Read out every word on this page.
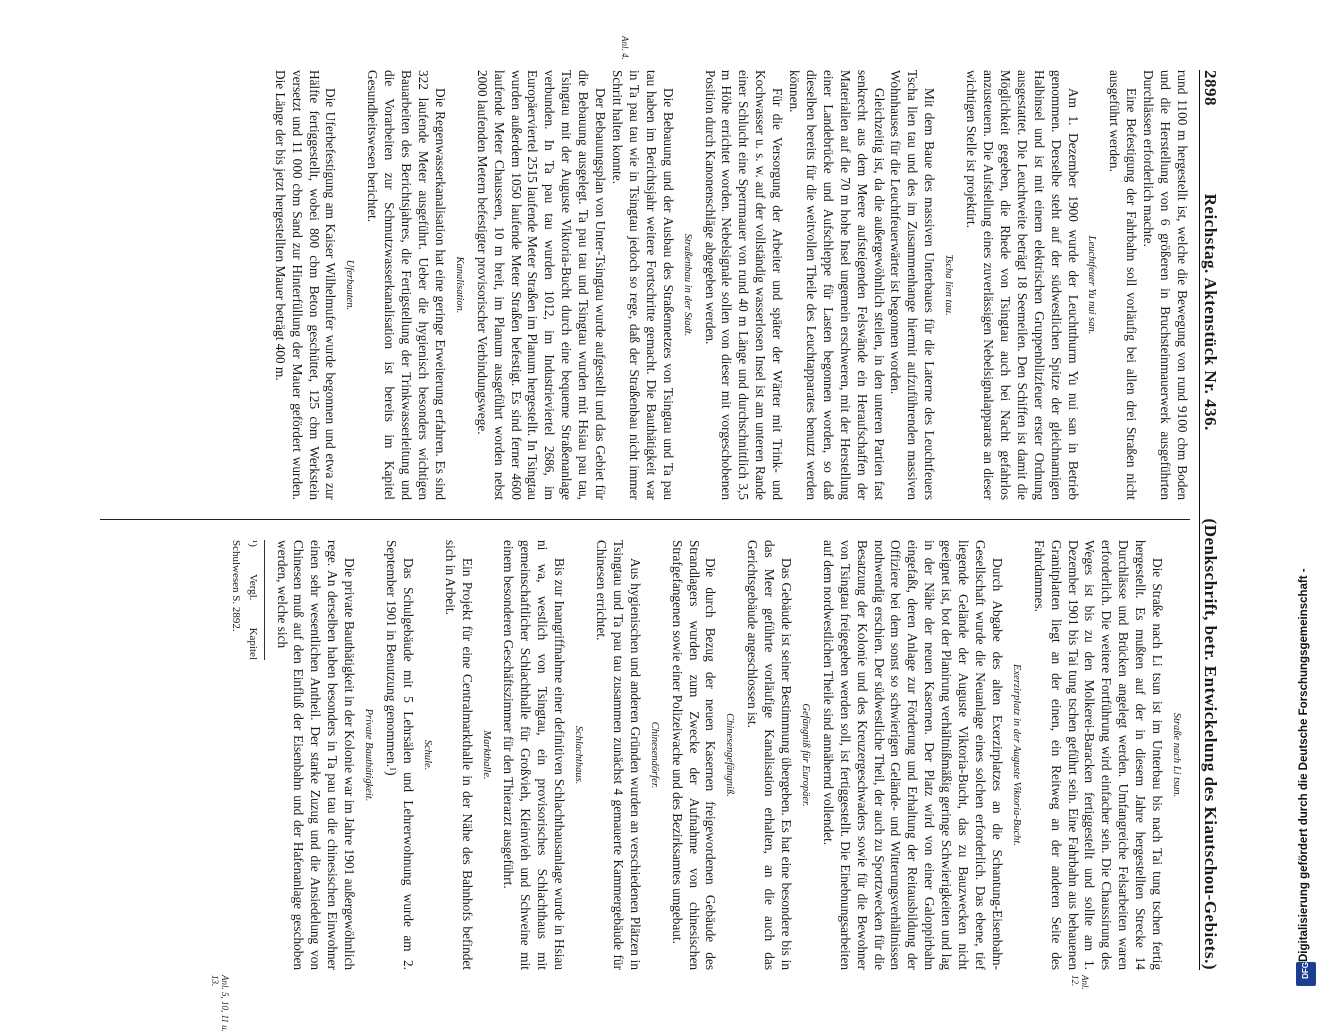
2898
Reichstag. Aktenstück Nr. 436.
(Denkschrift, betr. Entwickelung des Kiautschou-Gebiets.)

rund 1100 m hergestellt ist, welche die Bewegung von rund 9100 cbm Boden und die Herstellung von 6 größeren in Bruchsteinmauerwerk ausgeführten Durchlässen erforderlich machte.

Eine Befestigung der Fahrbahn soll vorläufig bei allen drei Straßen nicht ausgeführt werden.

Leuchtfeuer Yu nui san.

Am 1. Dezember 1900 wurde der Leuchtthurm Yu nui san in Betrieb genommen. Derselbe steht auf der südwestlichen Spitze der gleichnamigen Halbinsel und ist mit einem elektrischen Gruppenblitzfeuer erster Ordnung ausgestattet. Die Leuchtweite beträgt 18 Seemeilen. Den Schiffen ist damit die Möglichkeit gegeben, die Rhede von Tsingtau auch bei Nacht gefahrlos anzusteuern. Die Aufstellung eines zuverlässigen Nebelsignalapparats an dieser wichtigen Stelle ist projektirt.

Tscha lien tau.

Mit dem Baue des massiven Unterbaues für die Laterne des Leuchtfeuers Tscha lien tau und des im Zusammenhange hiermit aufzuführenden massiven Wohnhauses für die Leuchtfeuerwärter ist begonnen worden.

Gleichzeitig ist, da die außergewöhnlich steilen, in den unteren Partien fast senkrecht aus dem Meere aufsteigenden Felswände ein Heraufschaffen der Materialien auf die 70 m hohe Insel ungemein erschweren, mit der Herstellung einer Landebrücke und Aufschleppe für Lasten begonnen worden, so daß dieselben bereits für die weitvollen Theile des Leuchtapparates benutzt werden können.

Für die Versorgung der Arbeiter und später der Wärter mit Trink- und Kochwasser u. s. w. auf der vollständig wasserlosen Insel ist am unteren Rande einer Schlucht eine Sperrmauer von rund 40 m Länge und durchschnittlich 3,5 m Höhe errichtet worden. Nebelsignale sollen von dieser mit vorgeschobenen Position durch Kanonenschläge abgegeben werden.

Straßenbau in der Stadt.

Die Bebauung und der Ausbau des Straßennetzes von Tsingtau und Ta pau tau haben im Berichtsjahr weitere Fortschritte gemacht. Die Bauthätigkeit war in Ta pau tau wie in Tsingtau jedoch so rege, daß der Straßenbau nicht immer Schritt halten konnte.

Der Bebauungsplan von Unter-Tsingtau wurde aufgestellt und das Gebiet für die Bebauung ausgelegt. Ta pau tau und Tsingtau wurden mit Hsiau pau tau, Tsingtau mit der Auguste Viktoria-Bucht durch eine bequeme Straßenanlage verbunden. In Ta pau tau wurden 1012, im Industrieviertel 2686, im Europäerviertel 2515 laufende Meter Straßen im Planum hergestellt. In Tsingtau wurden außerdem 1050 laufende Meter Straßen befestigt. Es sind ferner 4600 laufende Meter Chausseen, 10 m breit, im Planum ausgeführt worden nebst 2000 laufenden Metern befestigter provisorischer Verbindungswege.

Kanalisation.

Die Regenwasserkanalisation hat eine geringe Erweiterung erfahren. Es sind 322 laufende Meter ausgeführt. Ueber die hygienisch besonders wichtigen Bauarbeiten des Berichtsjahres, die Fertigstellung der Trinkwasserleitung und die Vorarbeiten zur Schmutzwasserkanalisation ist bereits im Kapitel Gesundheitswesen berichtet.

Uferbauten.

Die Uferbefestigung am Kaiser Wilhelmufer wurde begonnen und etwa zur Hälfte fertiggestellt, wobei 800 cbm Beton geschüttet, 125 cbm Werkstein versetzt und 11 000 cbm Sand zur Hinterfüllung der Mauer gefördert wurden. Die Länge der bis jetzt hergestellten Mauer beträgt 400 m.

Straße nach Li tsun.

Die Straße nach Li tsun ist im Unterbau bis nach Tai tung tschen fertig hergestellt. Es mußten auf der in diesem Jahre hergestellten Strecke 14 Durchlässe und Brücken angelegt werden. Umfangreiche Felsarbeiten waren erforderlich. Die weitere Fortführung wird einfacher sein. Die Chaussirung des Weges ist bis zu den Molkerei-Baracken fertiggestellt und sollte am 1. Dezember 1901 bis Tai tung tschen geführt sein. Eine Fahrbahn aus behauenen Granitplatten liegt an der einen, ein Reitweg an der anderen Seite des Fahrdammes.

Exerzirplatz in der Auguste Viktoria-Bucht.

Durch Abgabe des alten Exerzirplatzes an die Schantung-Eisenbahn-Gesellschaft wurde die Neuanlage eines solchen erforderlich. Das ebene, tief liegende Gelände der Auguste Viktoria-Bucht, das zu Bauzwecken nicht geeignet ist, bot der Planirung verhältnißmäßig geringe Schwierigkeiten und lag in der Nähe der neuen Kasernen. Der Platz wird von einer Galoppirbahn eingefaßt, deren Anlage zur Förderung und Erhaltung der Reitausbildung der Offiziere bei dem sonst so schwierigen Gelände- und Witterungsverhältnissen nothwendig erschien. Der südwestliche Theil, der auch zu Sportzwecken für die Besatzung der Kolonie und des Kreuzergeschwaders sowie für die Bewohner von Tsingtau freigegeben werden soll, ist fertiggestellt. Die Einebnungsarbeiten auf dem nordwestlichen Theile sind annähernd vollendet.

Gefängniß für Europäer.

Das Gebäude ist seiner Bestimmung übergeben. Es hat eine besondere bis in das Meer geführte vorläufige Kanalisation erhalten, an die auch das Gerichtsgebäude angeschlossen ist.

Chinesengefängniß.

Die durch Bezug der neuen Kasernen freigewordenen Gebäude des Strandlagers wurden zum Zwecke der Aufnahme von chinesischen Strafgefangenen sowie einer Polizeiwache und des Bezirksamtes umgebaut.

Chinesendörfer.

Aus hygienischen und anderen Gründen wurden an verschiedenen Plätzen in Tsingtau und Ta pau tau zusammen zunächst 4 gemauerte Kammergebäude für Chinesen errichtet.

Schlachthaus.

Bis zur Inangriffnahme einer definitiven Schlachthausanlage wurde in Hsiau ni wa, westlich von Tsingtau, ein provisorisches Schlachthaus mit gemeinschaftlicher Schlachthalle für Großvieh, Kleinvieh und Schweine mit einem besonderen Geschäftszimmer für den Thierarzt ausgeführt.

Markthalle.

Ein Projekt für eine Centralmarkthalle in der Nähe des Bahnhofs befindet sich in Arbeit.

Schule.

Das Schulgebäude mit 5 Lehrsälen und Lehrerwohnung wurde am 2. September 1901 in Benutzung genommen.¹)

Private Bauthätigkeit.

Die private Bauthätigkeit in der Kolonie war im Jahre 1901 außergewöhnlich rege. An derselben haben besonders in Ta pau tau die chinesischen Einwohner einen sehr wesentlichen Antheil. Der starke Zuzug und die Ansiedelung von Chinesen muß auf den Einfluß der Eisenbahn und der Hafenanlage geschoben werden, welche sich

¹) Vergl. Kapitel Schulwesen S. 2892.
Anl. 4.
Anl. 12.
Anl. 5, 10, 11 u. 13.
Digitalisierung gefördert durch die Deutsche Forschungsgemeinschaft -
DFG
